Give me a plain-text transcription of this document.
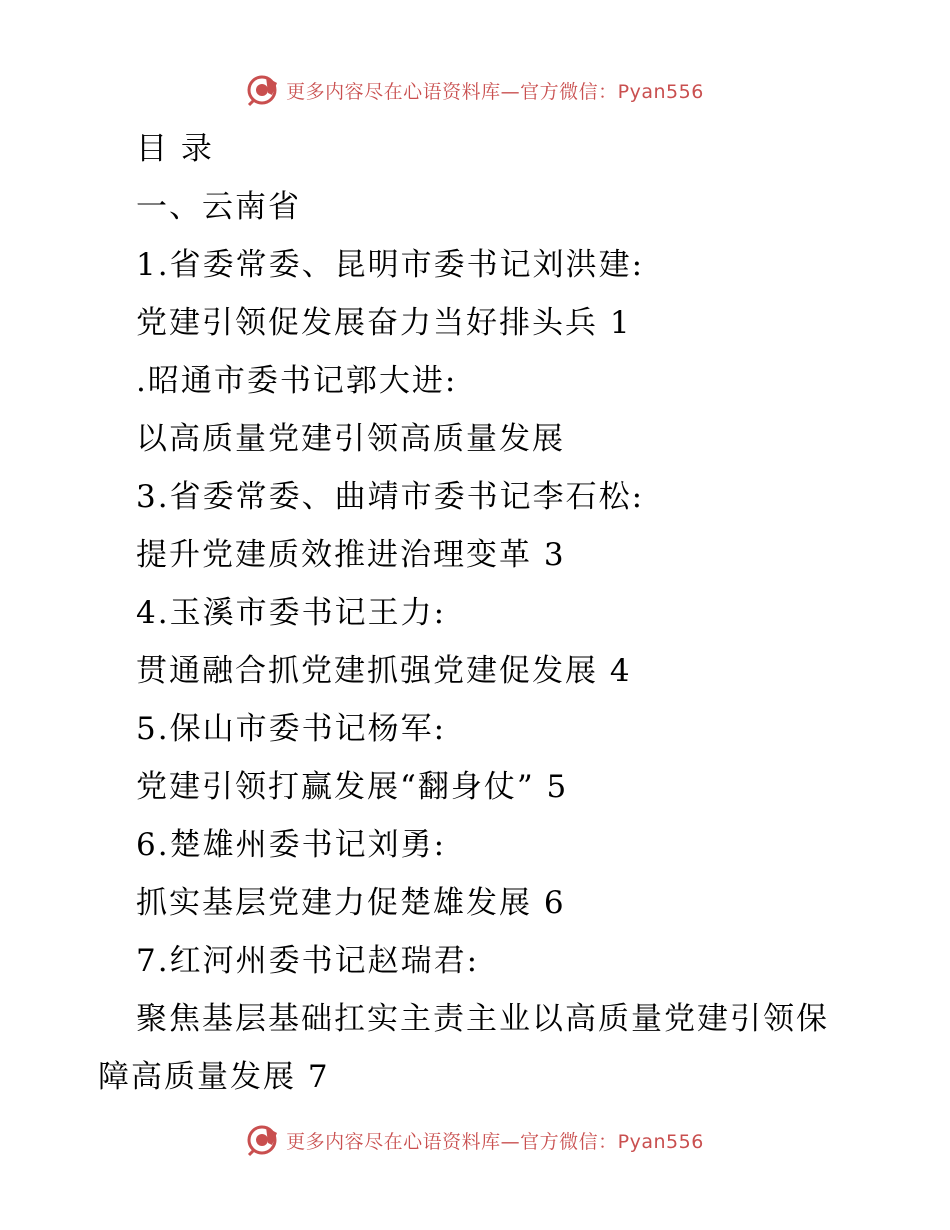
更多内容尽在心语资料库—官方微信：Pyan556
目 录
一、云南省
1.省委常委、昆明市委书记刘洪建:
党建引领促发展奋力当好排头兵 1
.昭通市委书记郭大进:
以高质量党建引领高质量发展
3.省委常委、曲靖市委书记李石松:
提升党建质效推进治理变革 3
4.玉溪市委书记王力:
贯通融合抓党建抓强党建促发展 4
5.保山市委书记杨军:
党建引领打赢发展“翻身仗” 5
6.楚雄州委书记刘勇:
抓实基层党建力促楚雄发展 6
7.红河州委书记赵瑞君:
聚焦基层基础扛实主责主业以高质量党建引领保
障高质量发展 7
更多内容尽在心语资料库—官方微信：Pyan556
